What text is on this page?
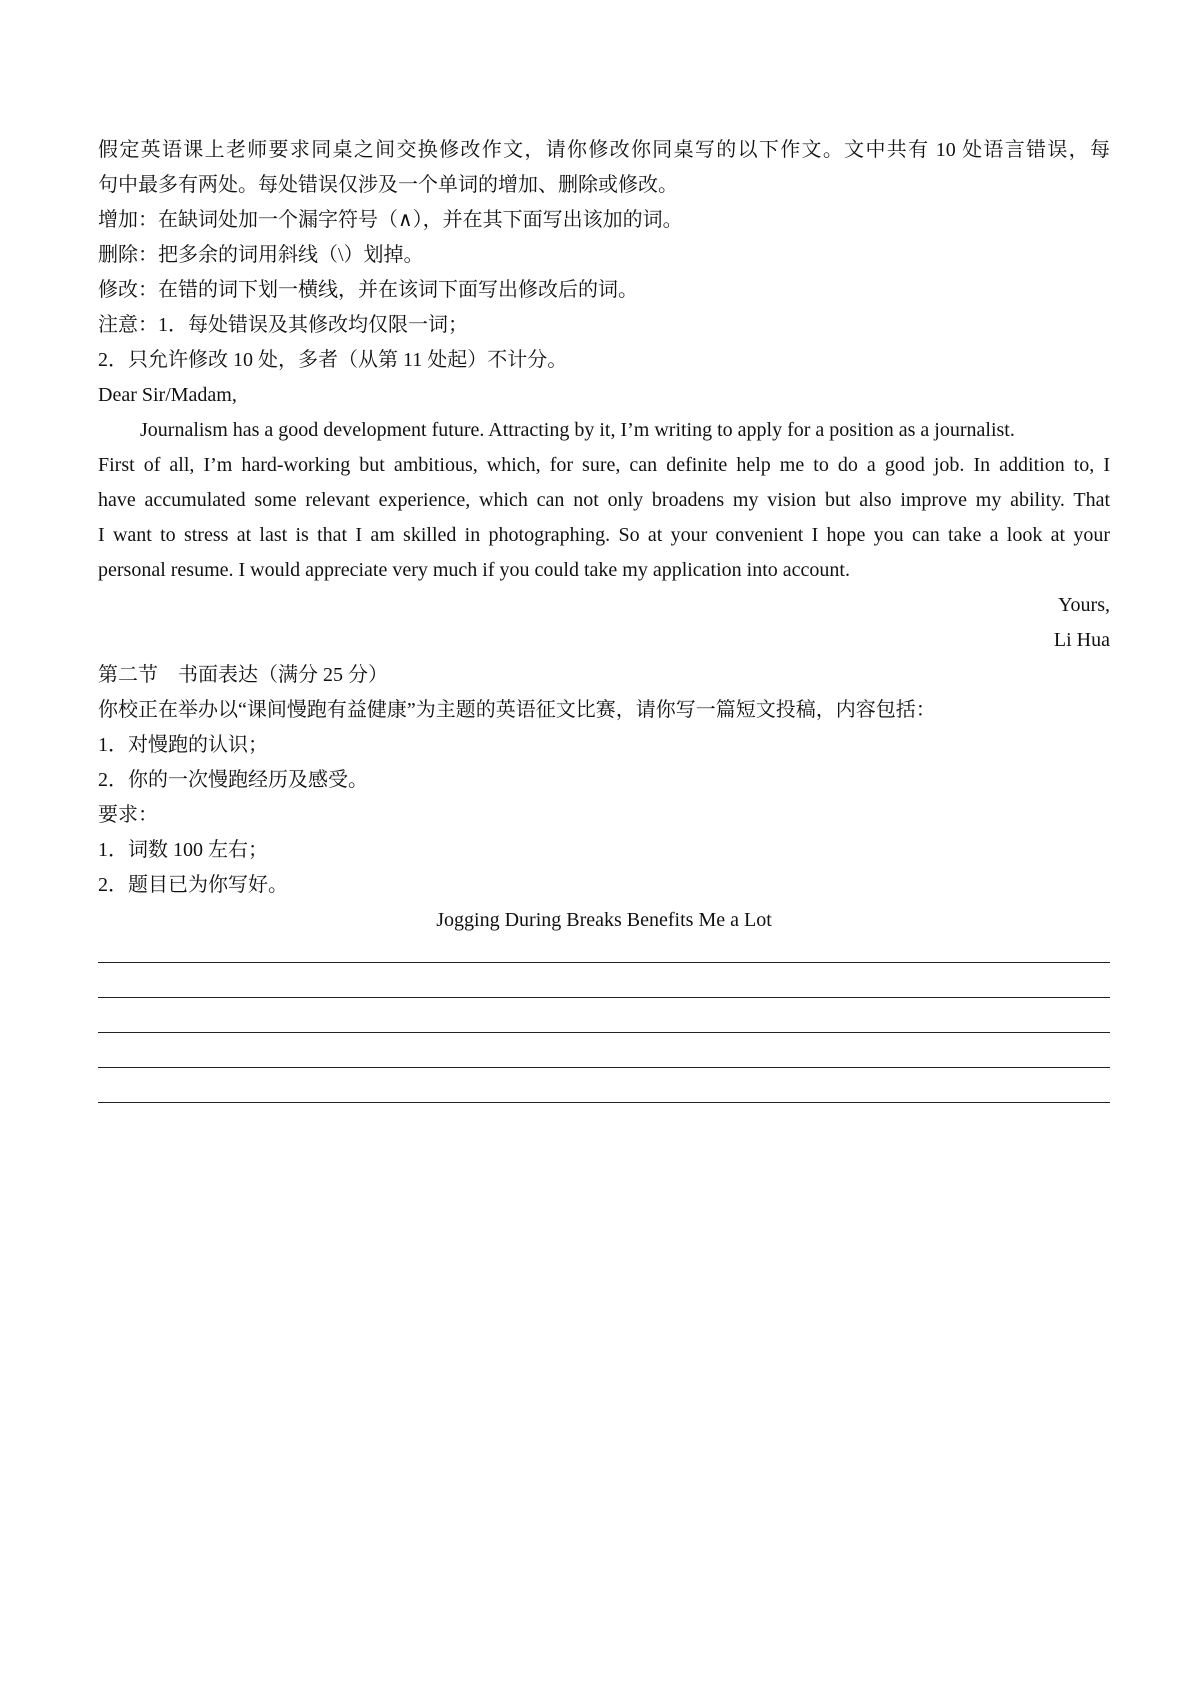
假定英语课上老师要求同桌之间交换修改作文，请你修改你同桌写的以下作文。文中共有 10 处语言错误，每
句中最多有两处。每处错误仅涉及一个单词的增加、删除或修改。
增加：在缺词处加一个漏字符号（∧），并在其下面写出该加的词。
删除：把多余的词用斜线（\）划掉。
修改：在错的词下划一横线，并在该词下面写出修改后的词。
注意：1．每处错误及其修改均仅限一词；
2．只允许修改 10 处，多者（从第 11 处起）不计分。
Dear Sir/Madam,
Journalism has a good development future. Attracting by it, I’m writing to apply for a position as a journalist.
First of all, I’m hard-working but ambitious, which, for sure, can definite help me to do a good job. In addition to, I
have accumulated some relevant experience, which can not only broadens my vision but also improve my ability. That
I want to stress at last is that I am skilled in photographing. So at your convenient I hope you can take a look at your
personal resume. I would appreciate very much if you could take my application into account.
Yours,
Li Hua
第二节　书面表达（满分 25 分）
你校正在举办以“课间慢跑有益健康”为主题的英语征文比赛，请你写一篇短文投稿，内容包括：
1．对慢跑的认识；
2．你的一次慢跑经历及感受。
要求：
1．词数 100 左右；
2．题目已为你写好。
Jogging During Breaks Benefits Me a Lot
